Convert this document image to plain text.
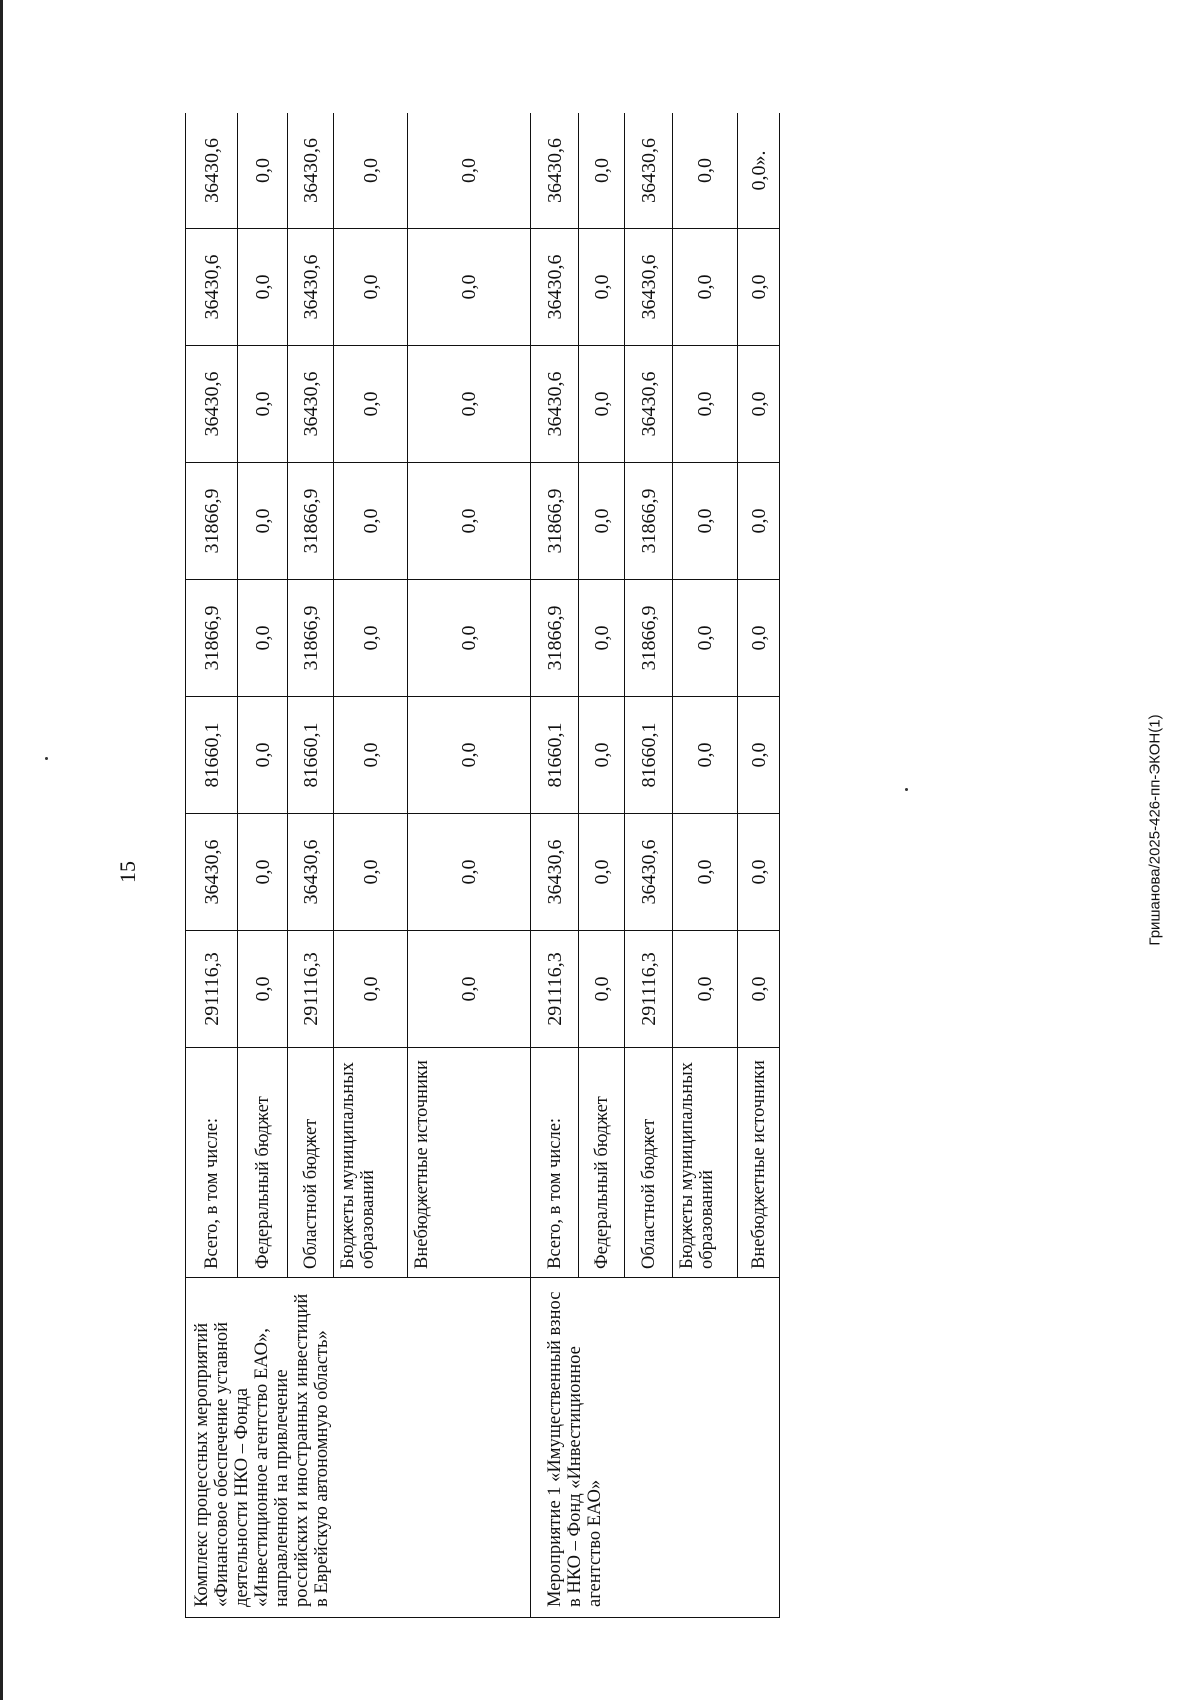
15	Гришанова/2025-426-пп-ЭКОН(1)
Комплекс процессных мероприятий «Финансовое обеспечение уставной деятельности НКО – Фонда «Инвестиционное агентство ЕАО», направленной на привлечение российских и иностранных инвестиций в Еврейскую автономную область»	Всего, в том числе:	291116,3	36430,6	81660,1	31866,9	31866,9	36430,6	36430,6	36430,6
	Федеральный бюджет	0,0	0,0	0,0	0,0	0,0	0,0	0,0	0,0
	Областной бюджет	291116,3	36430,6	81660,1	31866,9	31866,9	36430,6	36430,6	36430,6
	Бюджеты муниципальных образований	0,0	0,0	0,0	0,0	0,0	0,0	0,0	0,0
	Внебюджетные источники	0,0	0,0	0,0	0,0	0,0	0,0	0,0	0,0
Мероприятие 1 «Имущественный взнос в НКО – Фонд «Инвестиционное агентство ЕАО»	Всего, в том числе:	291116,3	36430,6	81660,1	31866,9	31866,9	36430,6	36430,6	36430,6
	Федеральный бюджет	0,0	0,0	0,0	0,0	0,0	0,0	0,0	0,0
	Областной бюджет	291116,3	36430,6	81660,1	31866,9	31866,9	36430,6	36430,6	36430,6
	Бюджеты муниципальных образований	0,0	0,0	0,0	0,0	0,0	0,0	0,0	0,0
	Внебюджетные источники	0,0	0,0	0,0	0,0	0,0	0,0	0,0	0,0».
